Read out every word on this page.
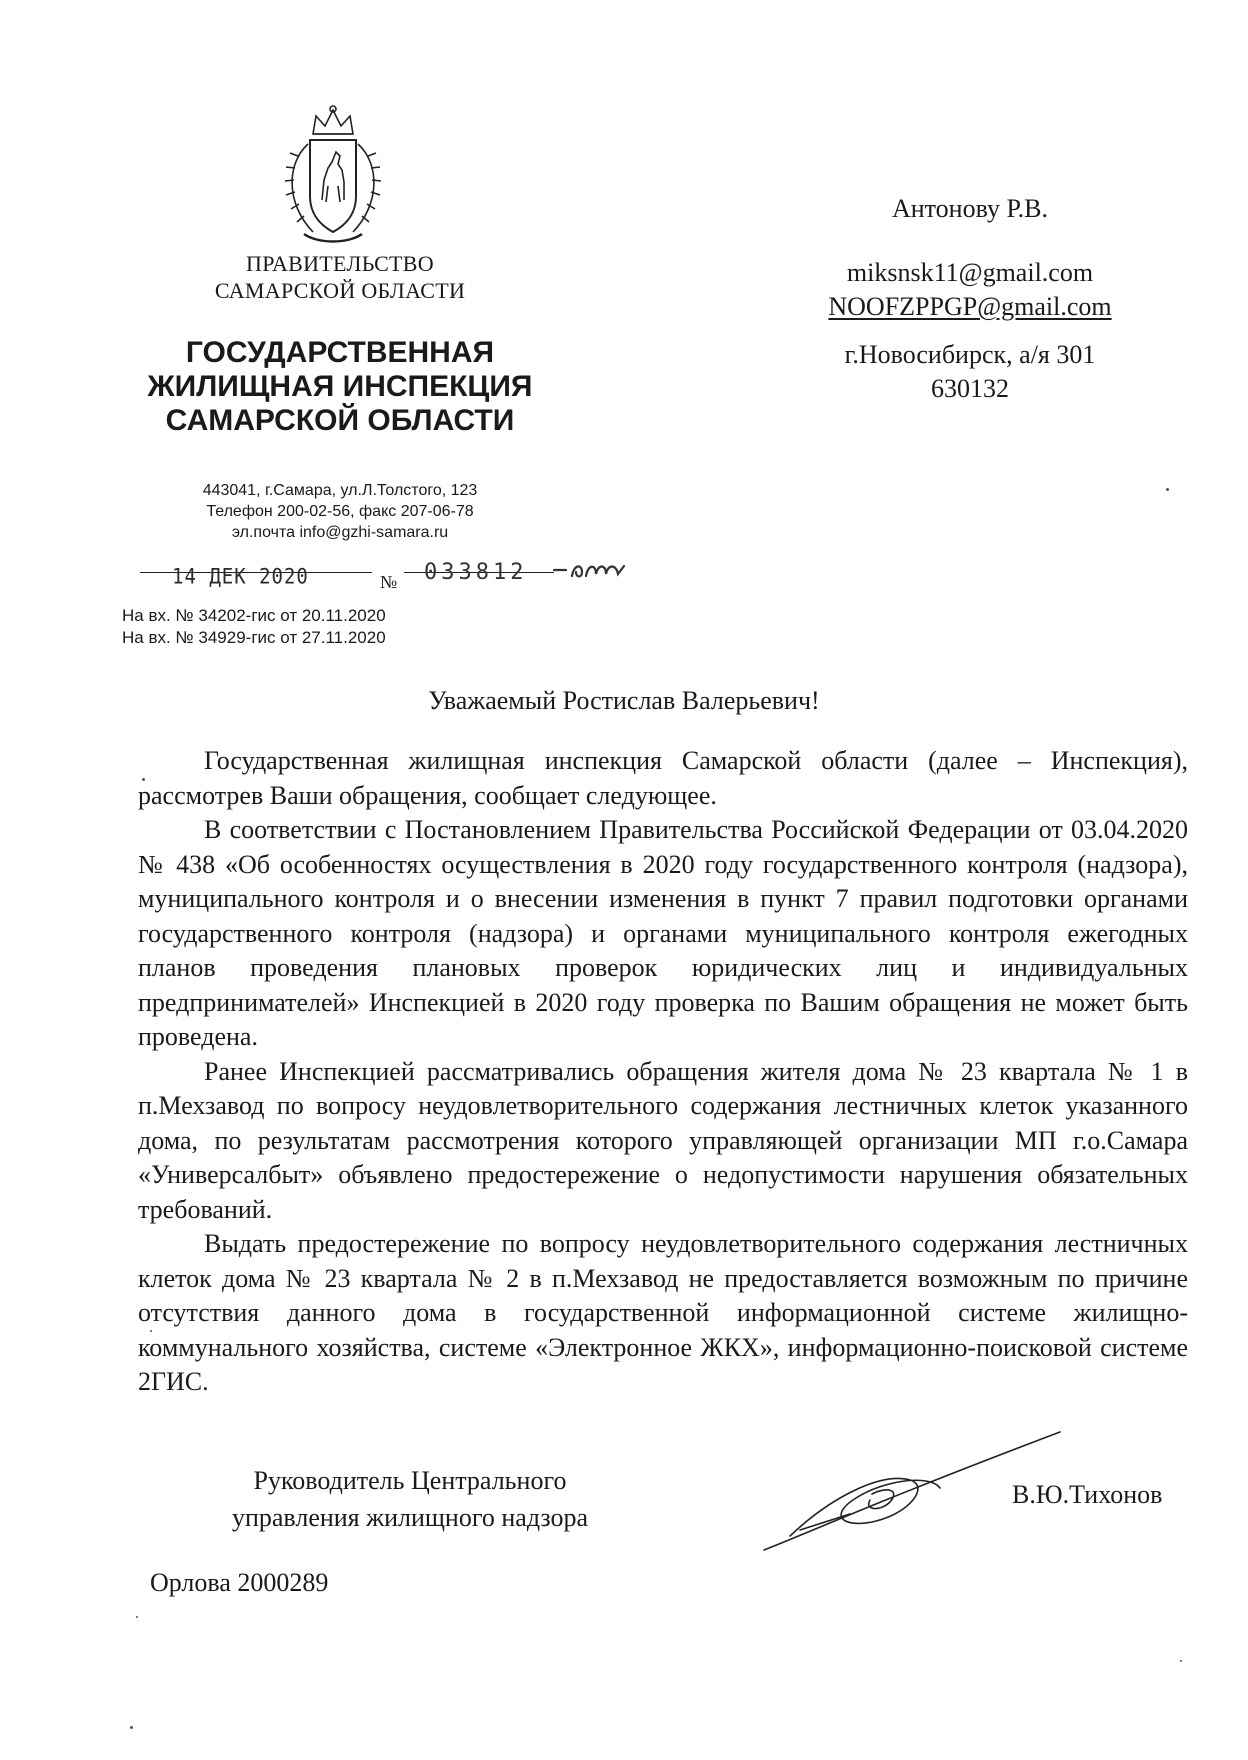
ПРАВИТЕЛЬСТВО
САМАРСКОЙ ОБЛАСТИ
ГОСУДАРСТВЕННАЯ
ЖИЛИЩНАЯ ИНСПЕКЦИЯ
САМАРСКОЙ ОБЛАСТИ
443041, г.Самара, ул.Л.Толстого, 123
Телефон 200-02-56, факс 207-06-78
эл.почта info@gzhi-samara.ru
14 ДЕК 2020	№ 033812
На вх. № 34202-гис от 20.11.2020
На вх. № 34929-гис от 27.11.2020
Антонову Р.В.
miksnsk11@gmail.com
NOOFZPPGP@gmail.com
г.Новосибирск, а/я 301
630132
Уважаемый Ростислав Валерьевич!

Государственная жилищная инспекция Самарской области (далее – Инспекция), рассмотрев Ваши обращения, сообщает следующее.

В соответствии с Постановлением Правительства Российской Федерации от 03.04.2020 № 438 «Об особенностях осуществления в 2020 году государственного контроля (надзора), муниципального контроля и о внесении изменения в пункт 7 правил подготовки органами государственного контроля (надзора) и органами муниципального контроля ежегодных планов проведения плановых проверок юридических лиц и индивидуальных предпринимателей» Инспекцией в 2020 году проверка по Вашим обращения не может быть проведена.

Ранее Инспекцией рассматривались обращения жителя дома № 23 квартала № 1 в п.Мехзавод по вопросу неудовлетворительного содержания лестничных клеток указанного дома, по результатам рассмотрения которого управляющей организации МП г.о.Самара «Универсалбыт» объявлено предостережение о недопустимости нарушения обязательных требований.

Выдать предостережение по вопросу неудовлетворительного содержания лестничных клеток дома № 23 квартала № 2 в п.Мехзавод не предоставляется возможным по причине отсутствия данного дома в государственной информационной системе жилищно-коммунального хозяйства, системе «Электронное ЖКХ», информационно-поисковой системе 2ГИС.

Руководитель Центрального
управления жилищного надзора
В.Ю.Тихонов
Орлова 2000289
